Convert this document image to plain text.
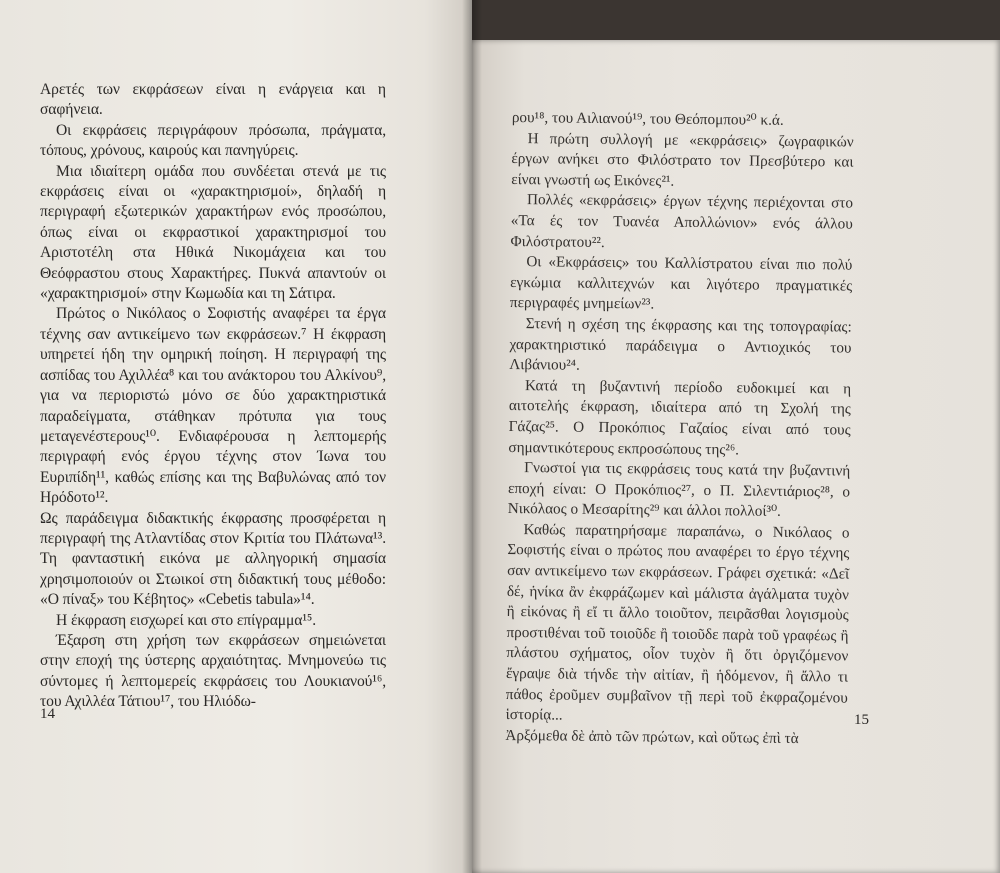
Αρετές των εκφράσεων είναι η ενάργεια και η σαφήνεια.

Οι εκφράσεις περιγράφουν πρόσωπα, πράγματα, τόπους, χρόνους, καιρούς και πανηγύρεις.

Μια ιδιαίτερη ομάδα που συνδέεται στενά με τις εκφράσεις είναι οι «χαρακτηρισμοί», δηλαδή η περιγραφή εξωτερικών χαρακτήρων ενός προσώπου, όπως είναι οι εκφραστικοί χαρακτηρισμοί του Αριστοτέλη στα Ηθικά Νικομάχεια και του Θεόφραστου στους Χαρακτήρες. Πυκνά απαντούν οι «χαρακτηρισμοί» στην Κωμωδία και τη Σάτιρα.

Πρώτος ο Νικόλαος ο Σοφιστής αναφέρει τα έργα τέχνης σαν αντικείμενο των εκφράσεων.⁷ Η έκφραση υπηρετεί ήδη την ομηρική ποίηση. Η περιγραφή της ασπίδας του Αχιλλέα⁸ και του ανάκτορου του Αλκίνου⁹, για να περιοριστώ μόνο σε δύο χαρακτηριστικά παραδείγματα, στάθηκαν πρότυπα για τους μεταγενέστερους¹⁰. Ενδιαφέρουσα η λεπτομερής περιγραφή ενός έργου τέχνης στον Ίωνα του Ευριπίδη¹¹, καθώς επίσης και της Βαβυλώνας από τον Ηρόδοτο¹².

Ως παράδειγμα διδακτικής έκφρασης προσφέρεται η περιγραφή της Ατλαντίδας στον Κριτία του Πλάτωνα¹³. Τη φανταστική εικόνα με αλληγορική σημασία χρησιμοποιούν οι Στωικοί στη διδακτική τους μέθοδο: «Ο πίναξ» του Κέβητος» «Cebetis tabula»¹⁴.

Η έκφραση εισχωρεί και στο επίγραμμα¹⁵.

Έξαρση στη χρήση των εκφράσεων σημειώνεται στην εποχή της ύστερης αρχαιότητας. Μνημονεύω τις σύντομες ή λεπτομερείς εκφράσεις του Λουκιανού¹⁶, του Αχιλλέα Τάτιου¹⁷, του Ηλιόδω-

14

ρου¹⁸, του Αιλιανού¹⁹, του Θεόπομπου²⁰ κ.ά.

Η πρώτη συλλογή με «εκφράσεις» ζωγραφικών έργων ανήκει στο Φιλόστρατο τον Πρεσβύτερο και είναι γνωστή ως Εικόνες²¹.

Πολλές «εκφράσεις» έργων τέχνης περιέχονται στο «Τα ές τον Τυανέα Απολλώνιον» ενός άλλου Φιλόστρατου²².

Οι «Εκφράσεις» του Καλλίστρατου είναι πιο πολύ εγκώμια καλλιτεχνών και λιγότερο πραγματικές περιγραφές μνημείων²³.

Στενή η σχέση της έκφρασης και της τοπογραφίας: χαρακτηριστικό παράδειγμα ο Αντιοχικός του Λιβάνιου²⁴.

Κατά τη βυζαντινή περίοδο ευδοκιμεί και η αιτοτελής έκφραση, ιδιαίτερα από τη Σχολή της Γάζας²⁵. Ο Προκόπιος Γαζαίος είναι από τους σημαντικότερους εκπροσώπους της²⁶.

Γνωστοί για τις εκφράσεις τους κατά την βυζαντινή εποχή είναι: Ο Προκόπιος²⁷, ο Π. Σιλεντιάριος²⁸, ο Νικόλαος ο Μεσαρίτης²⁹ και άλλοι πολλοί³⁰.

Καθώς παρατηρήσαμε παραπάνω, ο Νικόλαος ο Σοφιστής είναι ο πρώτος που αναφέρει το έργο τέχνης σαν αντικείμενο των εκφράσεων. Γράφει σχετικά: «Δεῖ δέ, ἡνίκα ἂν ἐκφράζωμεν καὶ μάλιστα ἀγάλματα τυχὸν ἢ εἰκόνας ἢ εἴ τι ἄλλο τοιοῦτον, πειρᾶσθαι λογισμοὺς προστιθέναι τοῦ τοιοῦδε ἢ τοιοῦδε παρὰ τοῦ γραφέως ἢ πλάστου σχήματος, οἷον τυχὸν ἢ ὅτι ὀργιζόμενον ἔγραψε διὰ τήνδε τὴν αἰτίαν, ἢ ἡδόμενον, ἢ ἄλλο τι πάθος ἐροῦμεν συμβαῖνον τῇ περὶ τοῦ ἐκφραζομένου ἱστορίᾳ...

Ἀρξόμεθα δὲ ἀπὸ τῶν πρώτων, καὶ οὕτως ἐπὶ τὰ

15
